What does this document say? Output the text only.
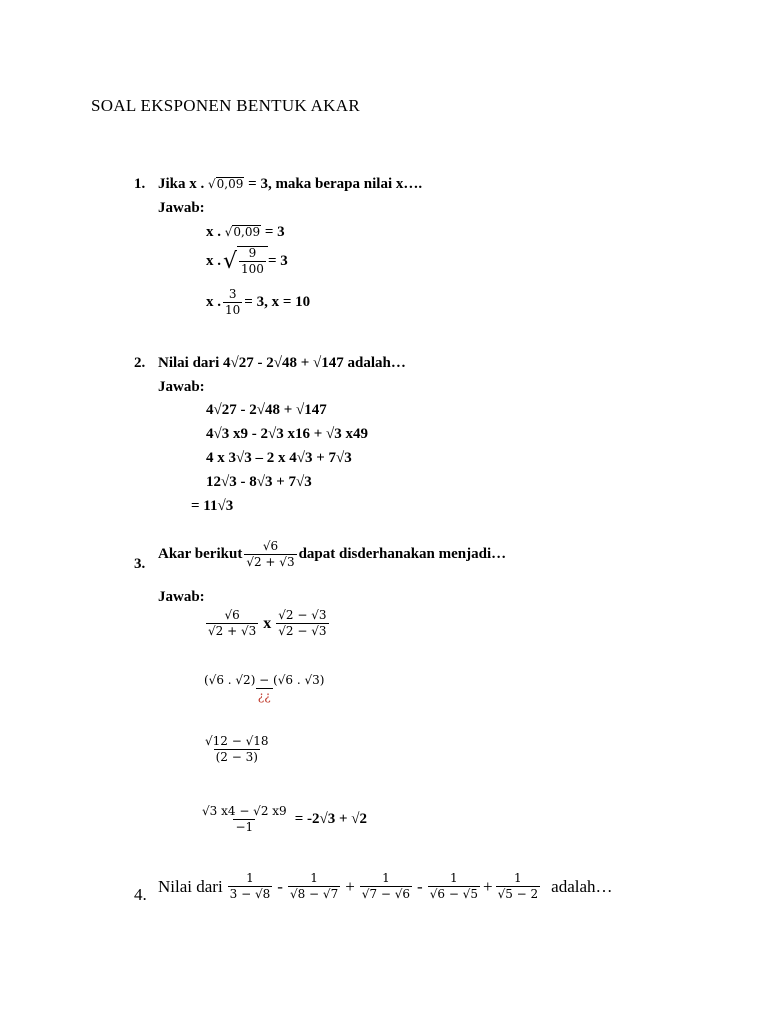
SOAL EKSPONEN BENTUK AKAR
1. Jika x . √0,09 = 3, maka berapa nilai x….
Jawab:
x . √0,09 = 3
x . √ $\frac{9}{100} = 3$
x . $\frac{3}{10} = 3$, x = 10
2. Nilai dari 4√27 - 2√48 + √147 adalah…
Jawab:
4√27 - 2√48 + √147
4√3 x9 - 2√3 x16 + √3 x49
4 x 3√3 – 2 x 4√3 + 7√3
12√3 - 8√3 + 7√3
= 11√3
3.
Akar berikut $\frac{√6}{√2 + √3}$ dapat disderhanakan menjadi…
Jawab:
$\frac{√6}{√2 + √3}$ x $\frac{√2 - √3}{√2 - √3}$
$\frac{(√6 . √2) - (√6 . √3)}{¿¿}$
$\frac{√12 - √18}{(2 - 3)}$
$\frac{√3 x4 - √2 x9}{-1} = -2√3 + √2$
4. Nilai dari $\frac{1}{3 - √8} - \frac{1}{√8 - √7} + \frac{1}{√7 - √6} - \frac{1}{√6 - √5} + \frac{1}{√5 - 2}$ adalah…
